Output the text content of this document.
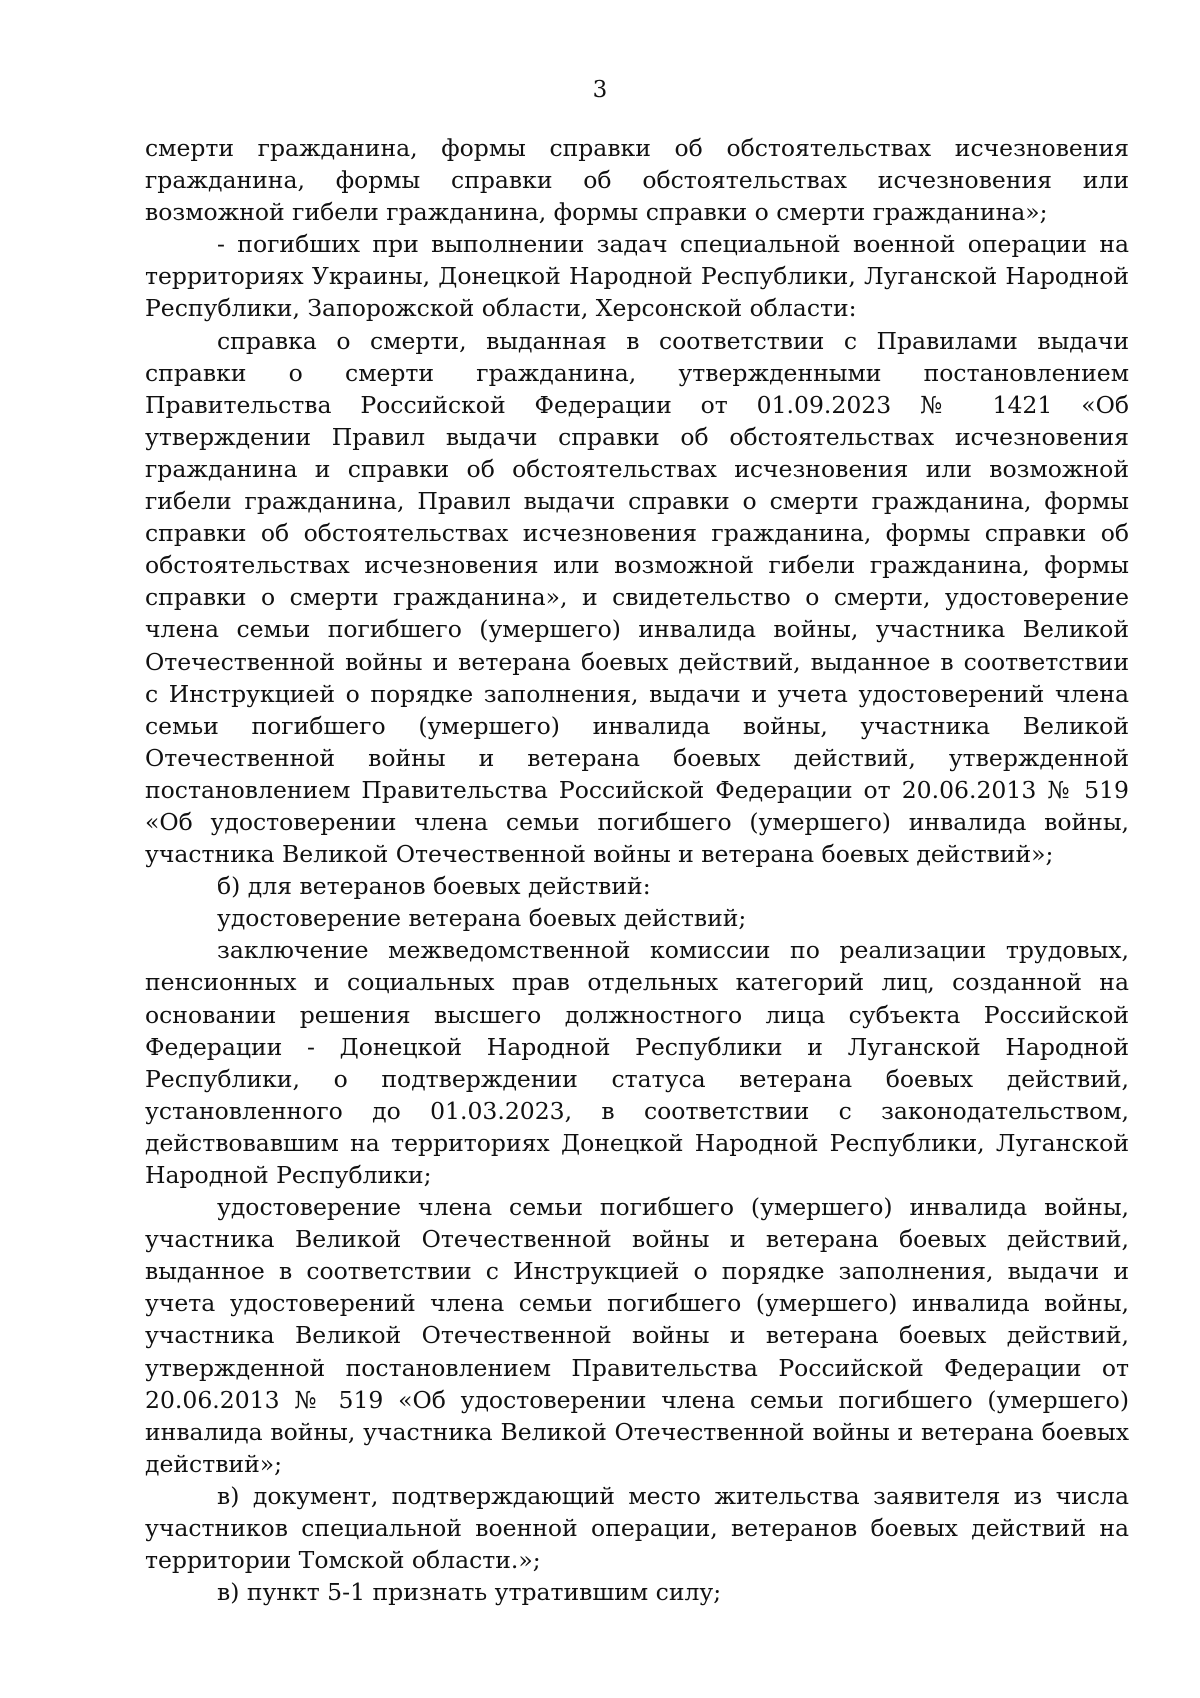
3

смерти гражданина, формы справки об обстоятельствах исчезновения гражданина, формы справки об обстоятельствах исчезновения или возможной гибели гражданина, формы справки о смерти гражданина»;

- погибших при выполнении задач специальной военной операции на территориях Украины, Донецкой Народной Республики, Луганской Народной Республики, Запорожской области, Херсонской области:

справка о смерти, выданная в соответствии с Правилами выдачи справки о смерти гражданина, утвержденными постановлением Правительства Российской Федерации от 01.09.2023 № 1421 «Об утверждении Правил выдачи справки об обстоятельствах исчезновения гражданина и справки об обстоятельствах исчезновения или возможной гибели гражданина, Правил выдачи справки о смерти гражданина, формы справки об обстоятельствах исчезновения гражданина, формы справки об обстоятельствах исчезновения или возможной гибели гражданина, формы справки о смерти гражданина», и свидетельство о смерти, удостоверение члена семьи погибшего (умершего) инвалида войны, участника Великой Отечественной войны и ветерана боевых действий, выданное в соответствии с Инструкцией о порядке заполнения, выдачи и учета удостоверений члена семьи погибшего (умершего) инвалида войны, участника Великой Отечественной войны и ветерана боевых действий, утвержденной постановлением Правительства Российской Федерации от 20.06.2013 № 519 «Об удостоверении члена семьи погибшего (умершего) инвалида войны, участника Великой Отечественной войны и ветерана боевых действий»;

б) для ветеранов боевых действий:

удостоверение ветерана боевых действий;

заключение межведомственной комиссии по реализации трудовых, пенсионных и социальных прав отдельных категорий лиц, созданной на основании решения высшего должностного лица субъекта Российской Федерации - Донецкой Народной Республики и Луганской Народной Республики, о подтверждении статуса ветерана боевых действий, установленного до 01.03.2023, в соответствии с законодательством, действовавшим на территориях Донецкой Народной Республики, Луганской Народной Республики;

удостоверение члена семьи погибшего (умершего) инвалида войны, участника Великой Отечественной войны и ветерана боевых действий, выданное в соответствии с Инструкцией о порядке заполнения, выдачи и учета удостоверений члена семьи погибшего (умершего) инвалида войны, участника Великой Отечественной войны и ветерана боевых действий, утвержденной постановлением Правительства Российской Федерации от 20.06.2013 № 519 «Об удостоверении члена семьи погибшего (умершего) инвалида войны, участника Великой Отечественной войны и ветерана боевых действий»;

в) документ, подтверждающий место жительства заявителя из числа участников специальной военной операции, ветеранов боевых действий на территории Томской области.»;

в) пункт 5-1 признать утратившим силу;
